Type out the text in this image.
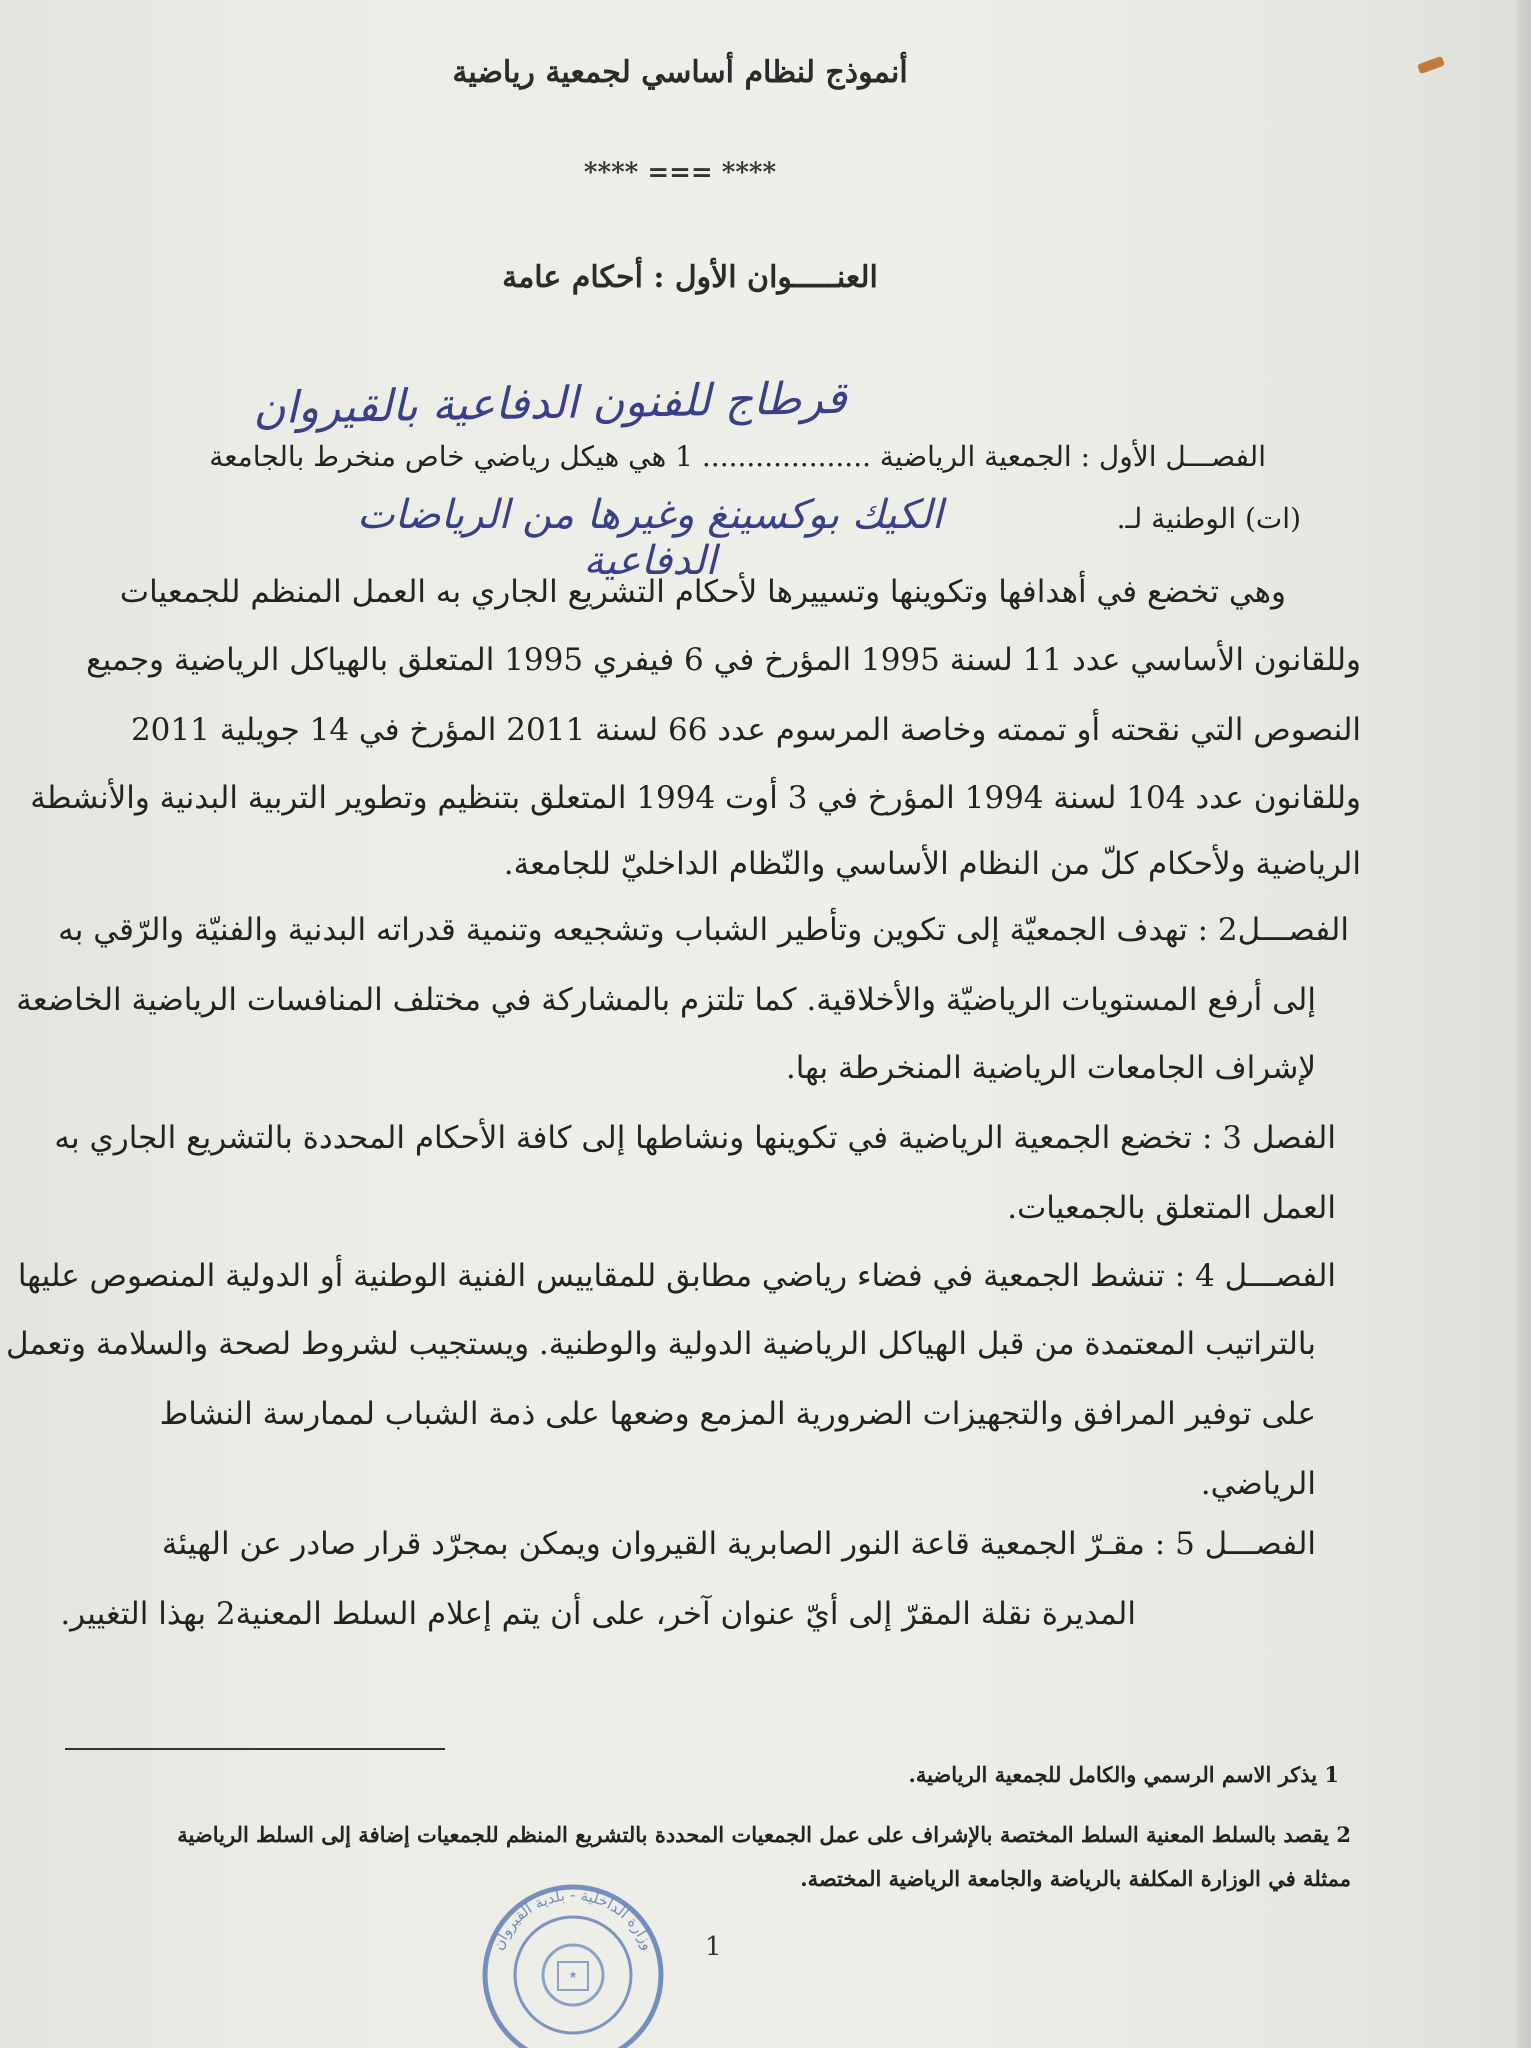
أنموذج لنظام أساسي لجمعية رياضية
**** === ****
العنـــــوان الأول : أحكام عامة
قرطاج للفنون الدفاعية بالقيروان
الفصـــل الأول : الجمعية الرياضية ................... 1 هي هيكل رياضي خاص منخرط بالجامعة
(ات) الوطنية لـ.
الكيك بوكسينغ وغيرها من الرياضات الدفاعية
وهي تخضع في أهدافها وتكوينها وتسييرها لأحكام التشريع الجاري به العمل المنظم للجمعيات
وللقانون الأساسي عدد 11 لسنة 1995 المؤرخ في 6 فيفري 1995 المتعلق بالهياكل الرياضية وجميع
النصوص التي نقحته أو تممته وخاصة المرسوم عدد 66 لسنة 2011 المؤرخ في 14 جويلية 2011
وللقانون عدد 104 لسنة 1994 المؤرخ في 3 أوت 1994 المتعلق بتنظيم وتطوير التربية البدنية والأنشطة
الرياضية ولأحكام كلّ من النظام الأساسي والنّظام الداخليّ للجامعة.
الفصـــل2 : تهدف الجمعيّة إلى تكوين وتأطير الشباب وتشجيعه وتنمية قدراته البدنية والفنيّة والرّقي به
إلى أرفع المستويات الرياضيّة والأخلاقية. كما تلتزم بالمشاركة في مختلف المنافسات الرياضية الخاضعة
لإشراف الجامعات الرياضية المنخرطة بها.
الفصل 3 : تخضع الجمعية الرياضية في تكوينها ونشاطها إلى كافة الأحكام المحددة بالتشريع الجاري به
العمل المتعلق بالجمعيات.
الفصـــل 4 : تنشط الجمعية في فضاء رياضي مطابق للمقاييس الفنية الوطنية أو الدولية المنصوص عليها
بالتراتيب المعتمدة من قبل الهياكل الرياضية الدولية والوطنية. ويستجيب لشروط لصحة والسلامة وتعمل
على توفير المرافق والتجهيزات الضرورية المزمع وضعها على ذمة الشباب لممارسة النشاط
الرياضي.
الفصـــل 5 : مقـرّ الجمعية قاعة النور الصابرية القيروان ويمكن بمجرّد قرار صادر عن الهيئة
المديرة نقلة المقرّ إلى أيّ عنوان آخر، على أن يتم إعلام السلط المعنية2 بهذا التغيير.
1 يذكر الاسم الرسمي والكامل للجمعية الرياضية.
2 يقصد بالسلط المعنية السلط المختصة بالإشراف على عمل الجمعيات المحددة بالتشريع المنظم للجمعيات إضافة إلى السلط الرياضية
ممثلة في الوزارة المكلفة بالرياضة والجامعة الرياضية المختصة.
1
★
وزارة الداخلية - بلدية القيروان
